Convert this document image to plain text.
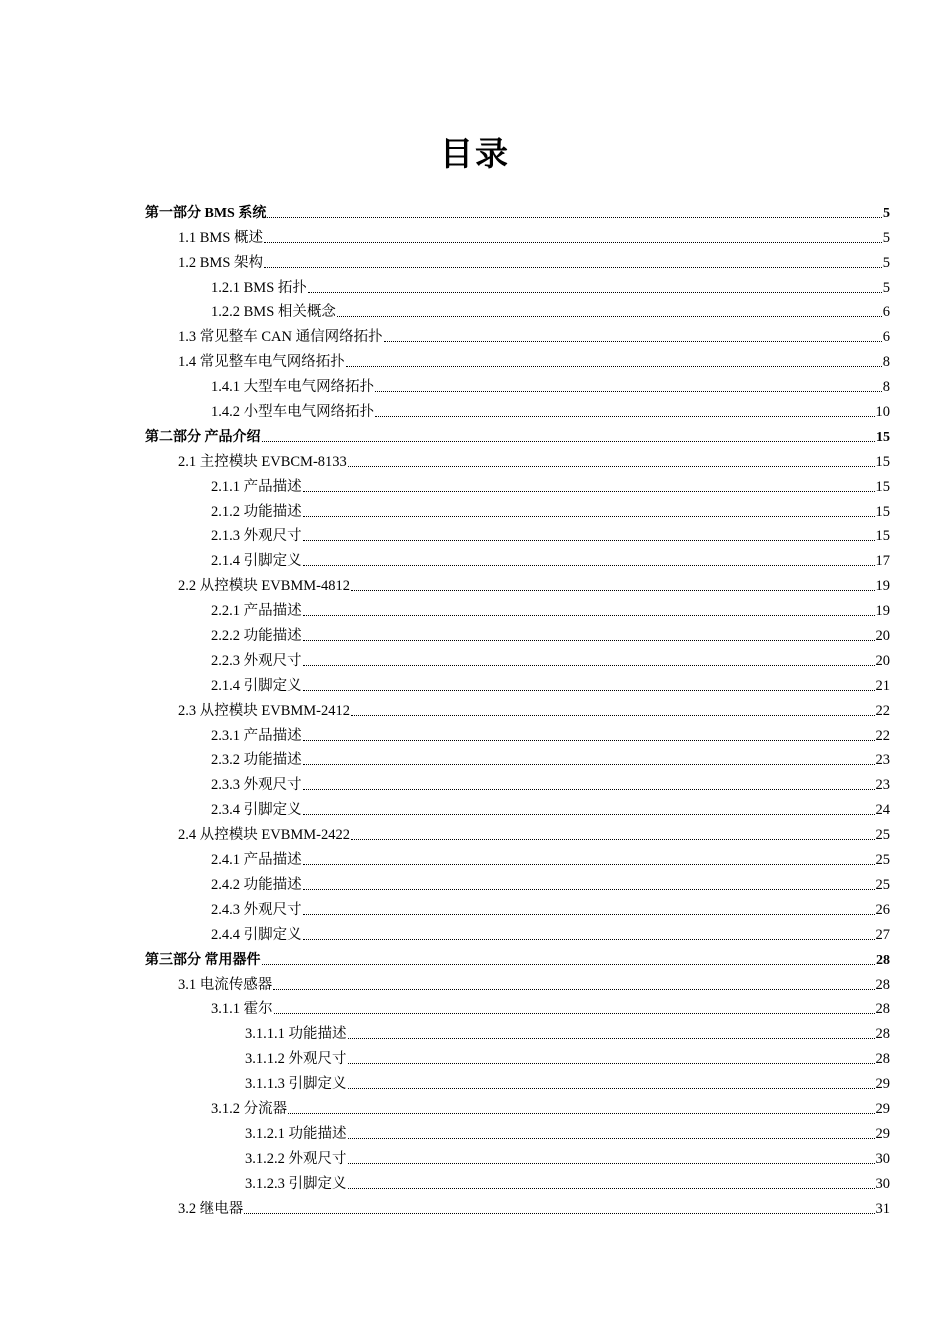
目录
第一部分 BMS 系统	5
1.1 BMS 概述	5
1.2 BMS 架构	5
1.2.1 BMS 拓扑	5
1.2.2 BMS 相关概念	6
1.3 常见整车 CAN 通信网络拓扑	6
1.4 常见整车电气网络拓扑	8
1.4.1 大型车电气网络拓扑	8
1.4.2 小型车电气网络拓扑	10
第二部分 产品介绍	15
2.1 主控模块 EVBCM-8133	15
2.1.1 产品描述	15
2.1.2 功能描述	15
2.1.3 外观尺寸	15
2.1.4 引脚定义	17
2.2 从控模块 EVBMM-4812	19
2.2.1 产品描述	19
2.2.2 功能描述	20
2.2.3 外观尺寸	20
2.1.4 引脚定义	21
2.3 从控模块 EVBMM-2412	22
2.3.1 产品描述	22
2.3.2 功能描述	23
2.3.3 外观尺寸	23
2.3.4 引脚定义	24
2.4 从控模块 EVBMM-2422	25
2.4.1 产品描述	25
2.4.2 功能描述	25
2.4.3 外观尺寸	26
2.4.4 引脚定义	27
第三部分 常用器件	28
3.1 电流传感器	28
3.1.1 霍尔	28
3.1.1.1 功能描述	28
3.1.1.2 外观尺寸	28
3.1.1.3 引脚定义	29
3.1.2 分流器	29
3.1.2.1 功能描述	29
3.1.2.2 外观尺寸	30
3.1.2.3 引脚定义	30
3.2 继电器	31
